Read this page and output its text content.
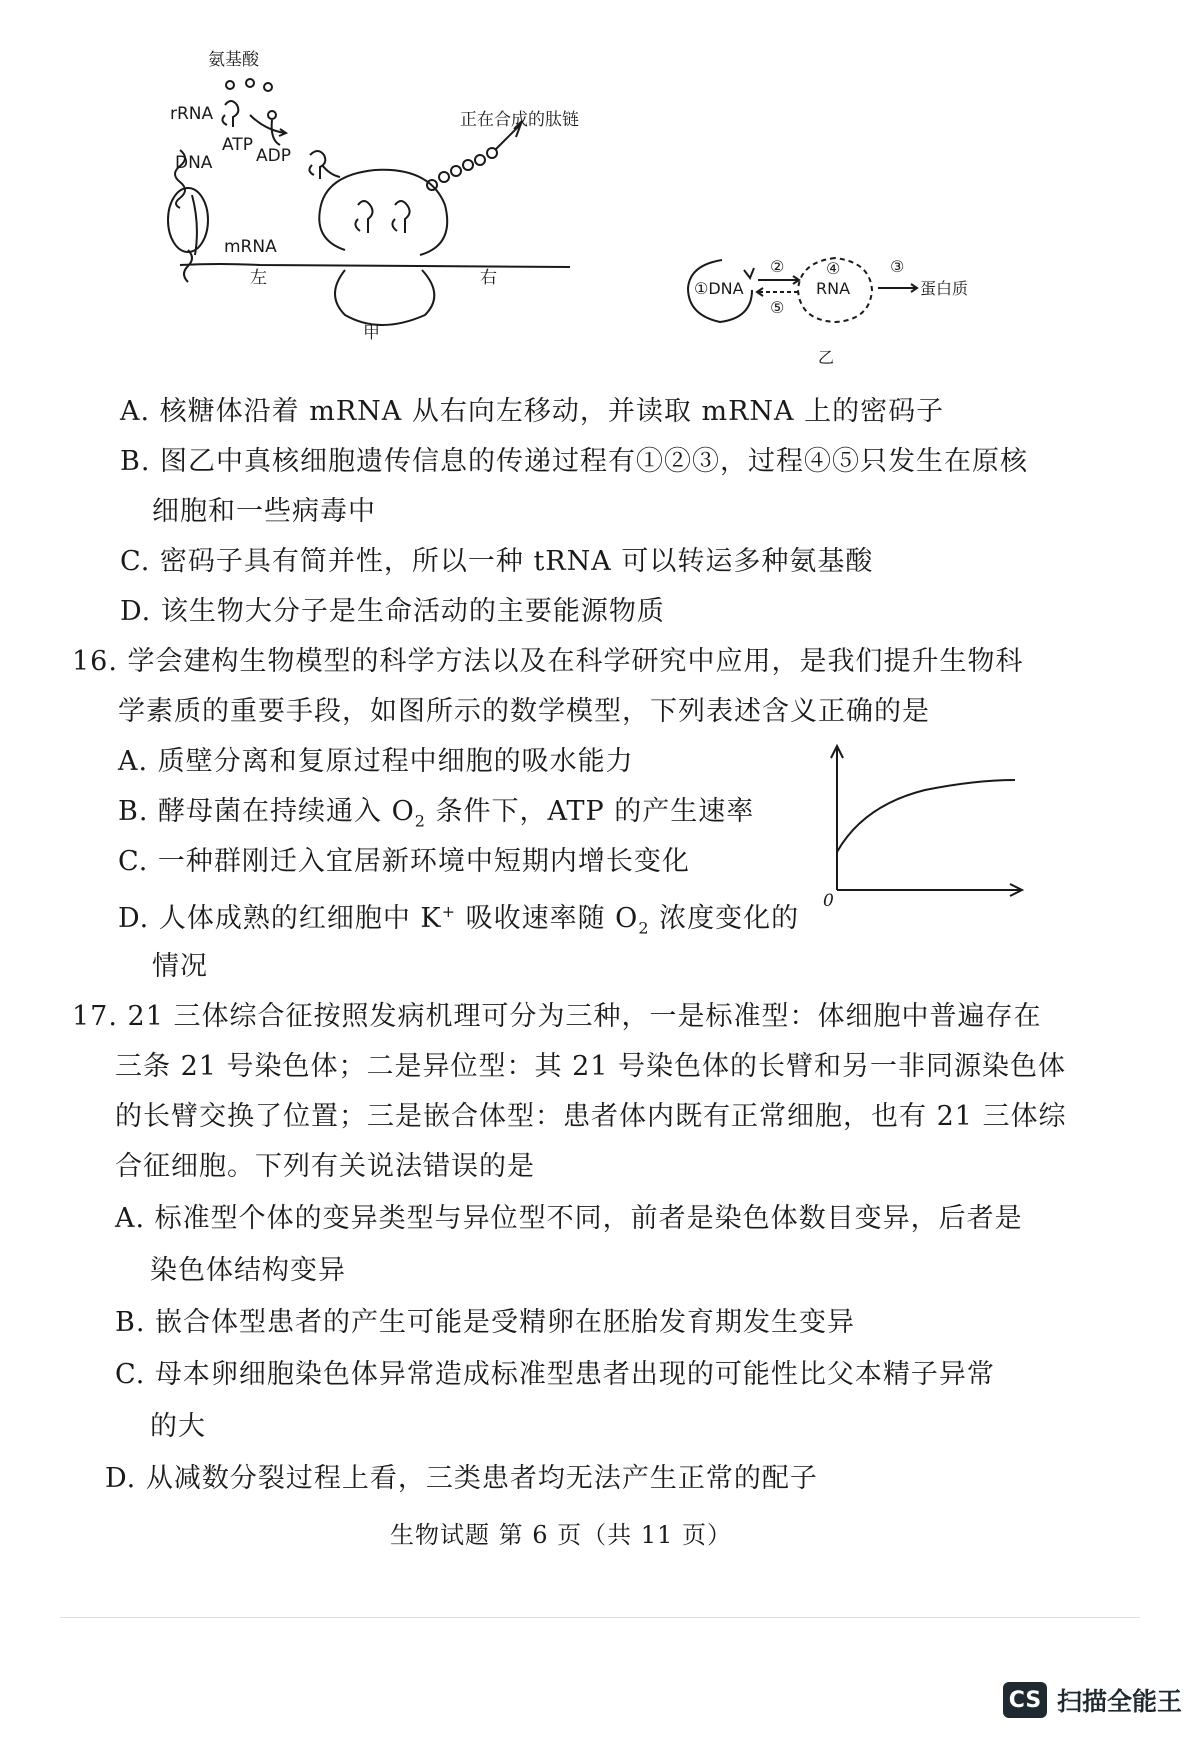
氨基酸
rRNA
ATP
ADP
DNA
正在合成的肽链
mRNA
左	右
甲
①DNA	RNA	蛋白质
②	④	③
⑤
乙
A. 核糖体沿着 mRNA 从右向左移动，并读取 mRNA 上的密码子
B. 图乙中真核细胞遗传信息的传递过程有①②③，过程④⑤只发生在原核
细胞和一些病毒中
C. 密码子具有简并性，所以一种 tRNA 可以转运多种氨基酸
D. 该生物大分子是生命活动的主要能源物质
16. 学会建构生物模型的科学方法以及在科学研究中应用，是我们提升生物科
学素质的重要手段，如图所示的数学模型，下列表述含义正确的是
A. 质壁分离和复原过程中细胞的吸水能力
B. 酵母菌在持续通入 $O_2$ 条件下，ATP 的产生速率
C. 一种群刚迁入宜居新环境中短期内增长变化
D. 人体成熟的红细胞中 K+ 吸收速率随 $O_2$ 浓度变化的
情况
0
17. 21 三体综合征按照发病机理可分为三种，一是标准型：体细胞中普遍存在
三条 21 号染色体；二是异位型：其 21 号染色体的长臂和另一非同源染色体
的长臂交换了位置；三是嵌合体型：患者体内既有正常细胞，也有 21 三体综
合征细胞。下列有关说法错误的是
A. 标准型个体的变异类型与异位型不同，前者是染色体数目变异，后者是
染色体结构变异
B. 嵌合体型患者的产生可能是受精卵在胚胎发育期发生变异
C. 母本卵细胞染色体异常造成标准型患者出现的可能性比父本精子异常
的大
D. 从减数分裂过程上看，三类患者均无法产生正常的配子
生物试题 第 6 页（共 11 页）
CS 扫描全能王
